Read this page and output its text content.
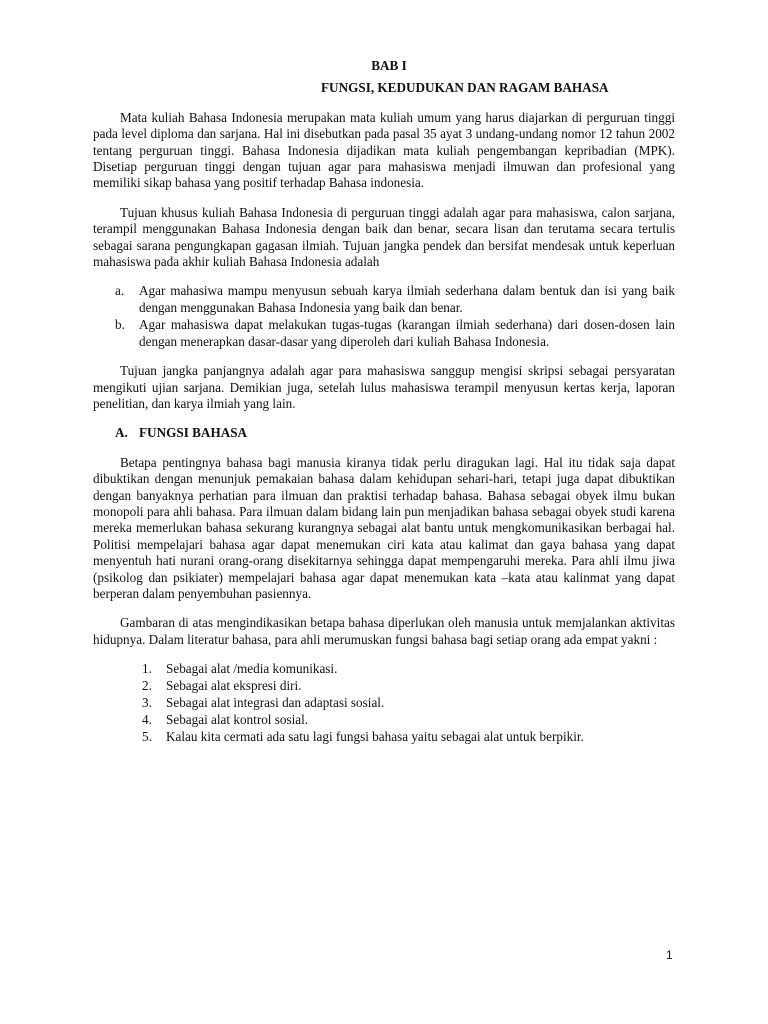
BAB I
FUNGSI, KEDUDUKAN DAN RAGAM BAHASA

Mata kuliah Bahasa Indonesia merupakan mata kuliah umum yang harus diajarkan di perguruan tinggi pada level diploma dan sarjana. Hal ini disebutkan pada pasal 35 ayat 3 undang-undang nomor 12 tahun 2002 tentang perguruan tinggi. Bahasa Indonesia dijadikan mata kuliah pengembangan kepribadian (MPK). Disetiap perguruan tinggi dengan tujuan agar para mahasiswa menjadi ilmuwan dan profesional yang memiliki sikap bahasa yang positif terhadap Bahasa indonesia.

Tujuan khusus kuliah Bahasa Indonesia di perguruan tinggi adalah agar para mahasiswa, calon sarjana, terampil menggunakan Bahasa Indonesia dengan baik dan benar, secara lisan dan terutama secara tertulis sebagai sarana pengungkapan gagasan ilmiah. Tujuan jangka pendek dan bersifat mendesak untuk keperluan mahasiswa pada akhir kuliah Bahasa Indonesia adalah

a. Agar mahasiwa mampu menyusun sebuah karya ilmiah sederhana dalam bentuk dan isi yang baik dengan menggunakan Bahasa Indonesia yang baik dan benar.
b. Agar mahasiswa dapat melakukan tugas-tugas (karangan ilmiah sederhana) dari dosen-dosen lain dengan menerapkan dasar-dasar yang diperoleh dari kuliah Bahasa Indonesia.

Tujuan jangka panjangnya adalah agar para mahasiswa sanggup mengisi skripsi sebagai persyaratan mengikuti ujian sarjana. Demikian juga, setelah lulus mahasiswa terampil menyusun kertas kerja, laporan penelitian, dan karya ilmiah yang lain.

A. FUNGSI BAHASA

Betapa pentingnya bahasa bagi manusia kiranya tidak perlu diragukan lagi. Hal itu tidak saja dapat dibuktikan dengan menunjuk pemakaian bahasa dalam kehidupan sehari-hari, tetapi juga dapat dibuktikan dengan banyaknya perhatian para ilmuan dan praktisi terhadap bahasa. Bahasa sebagai obyek ilmu bukan monopoli para ahli bahasa. Para ilmuan dalam bidang lain pun menjadikan bahasa sebagai obyek studi karena mereka memerlukan bahasa sekurang kurangnya sebagai alat bantu untuk mengkomunikasikan berbagai hal. Politisi mempelajari bahasa agar dapat menemukan ciri kata atau kalimat dan gaya bahasa yang dapat menyentuh hati nurani orang-orang disekitarnya sehingga dapat mempengaruhi mereka. Para ahli ilmu jiwa (psikolog dan psikiater) mempelajari bahasa agar dapat menemukan kata –kata atau kalinmat yang dapat berperan dalam penyembuhan pasiennya.

Gambaran di atas mengindikasikan betapa bahasa diperlukan oleh manusia untuk memjalankan aktivitas hidupnya. Dalam literatur bahasa, para ahli merumuskan fungsi bahasa bagi setiap orang ada empat yakni :

1. Sebagai alat /media komunikasi.
2. Sebagai alat ekspresi diri.
3. Sebagai alat integrasi dan adaptasi sosial.
4. Sebagai alat kontrol sosial.
5. Kalau kita cermati ada satu lagi fungsi bahasa yaitu sebagai alat untuk berpikir.
1
